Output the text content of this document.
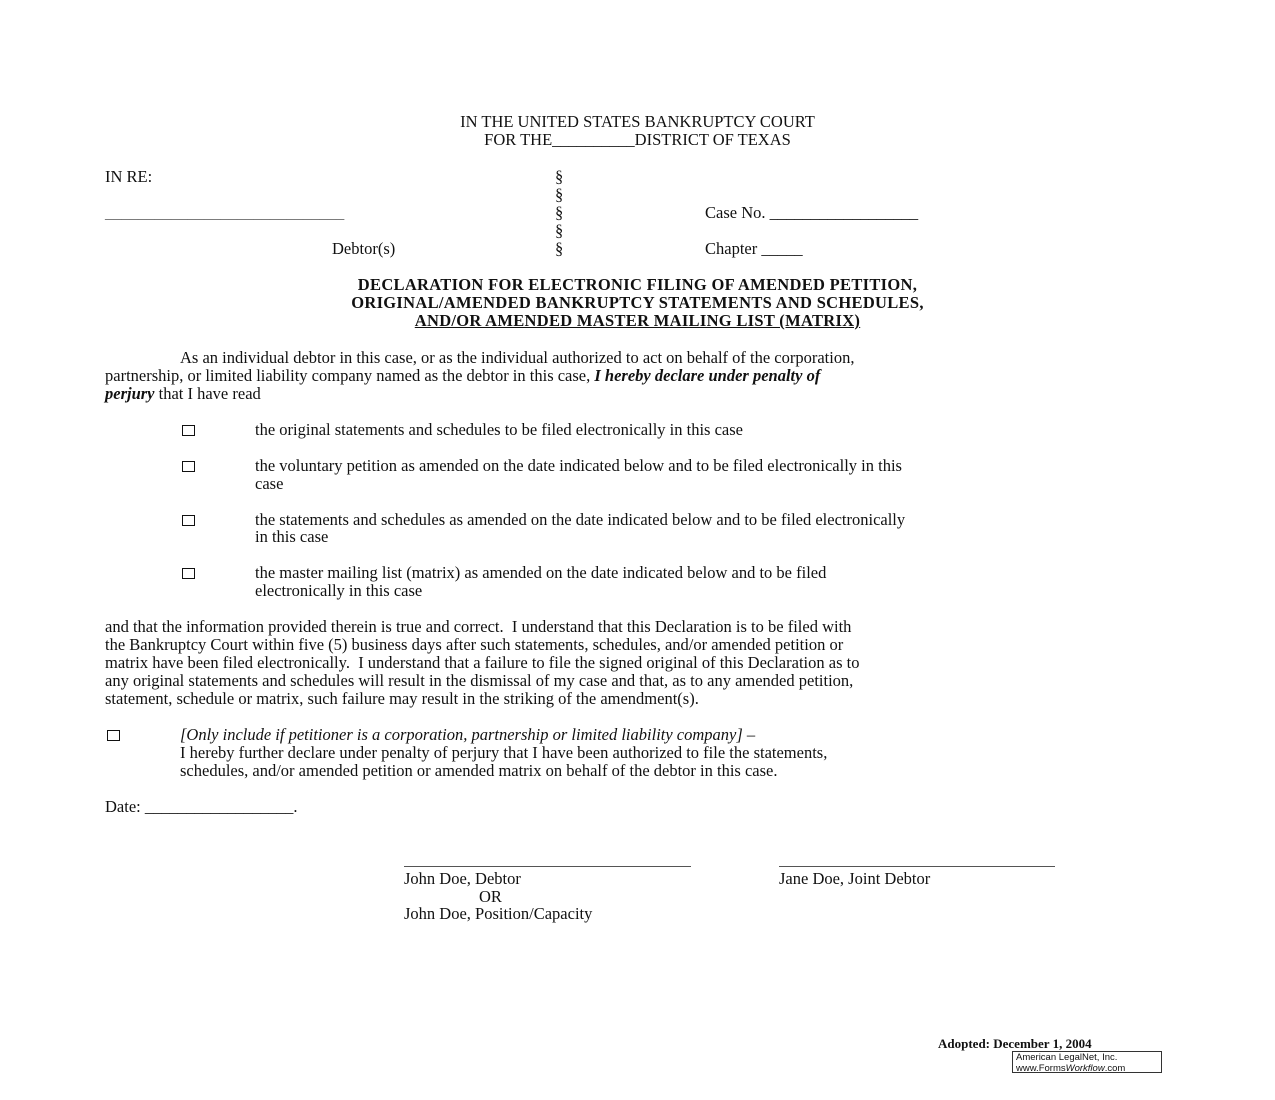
IN THE UNITED STATES BANKRUPTCY COURT
FOR THE__________DISTRICT OF TEXAS
IN RE:
_____________________________
Debtor(s)
§
§
§
§
§
Case No. __________________
Chapter _____
DECLARATION FOR ELECTRONIC FILING OF AMENDED PETITION,
ORIGINAL/AMENDED BANKRUPTCY STATEMENTS AND SCHEDULES,
AND/OR AMENDED MASTER MAILING LIST (MATRIX)
As an individual debtor in this case, or as the individual authorized to act on behalf of the corporation,
partnership, or limited liability company named as the debtor in this case, I hereby declare under penalty of
perjury that I have read
the original statements and schedules to be filed electronically in this case
the voluntary petition as amended on the date indicated below and to be filed electronically in this
case
the statements and schedules as amended on the date indicated below and to be filed electronically
in this case
the master mailing list (matrix) as amended on the date indicated below and to be filed
electronically in this case
and that the information provided therein is true and correct.  I understand that this Declaration is to be filed with
the Bankruptcy Court within five (5) business days after such statements, schedules, and/or amended petition or
matrix have been filed electronically.  I understand that a failure to file the signed original of this Declaration as to
any original statements and schedules will result in the dismissal of my case and that, as to any amended petition,
statement, schedule or matrix, such failure may result in the striking of the amendment(s).
[Only include if petitioner is a corporation, partnership or limited liability company] –
I hereby further declare under penalty of perjury that I have been authorized to file the statements,
schedules, and/or amended petition or amended matrix on behalf of the debtor in this case.
Date: __________________.
John Doe, Debtor
OR
John Doe, Position/Capacity
Jane Doe, Joint Debtor
Adopted: December 1, 2004
American LegalNet, Inc.
www.FormsWorkflow.com
